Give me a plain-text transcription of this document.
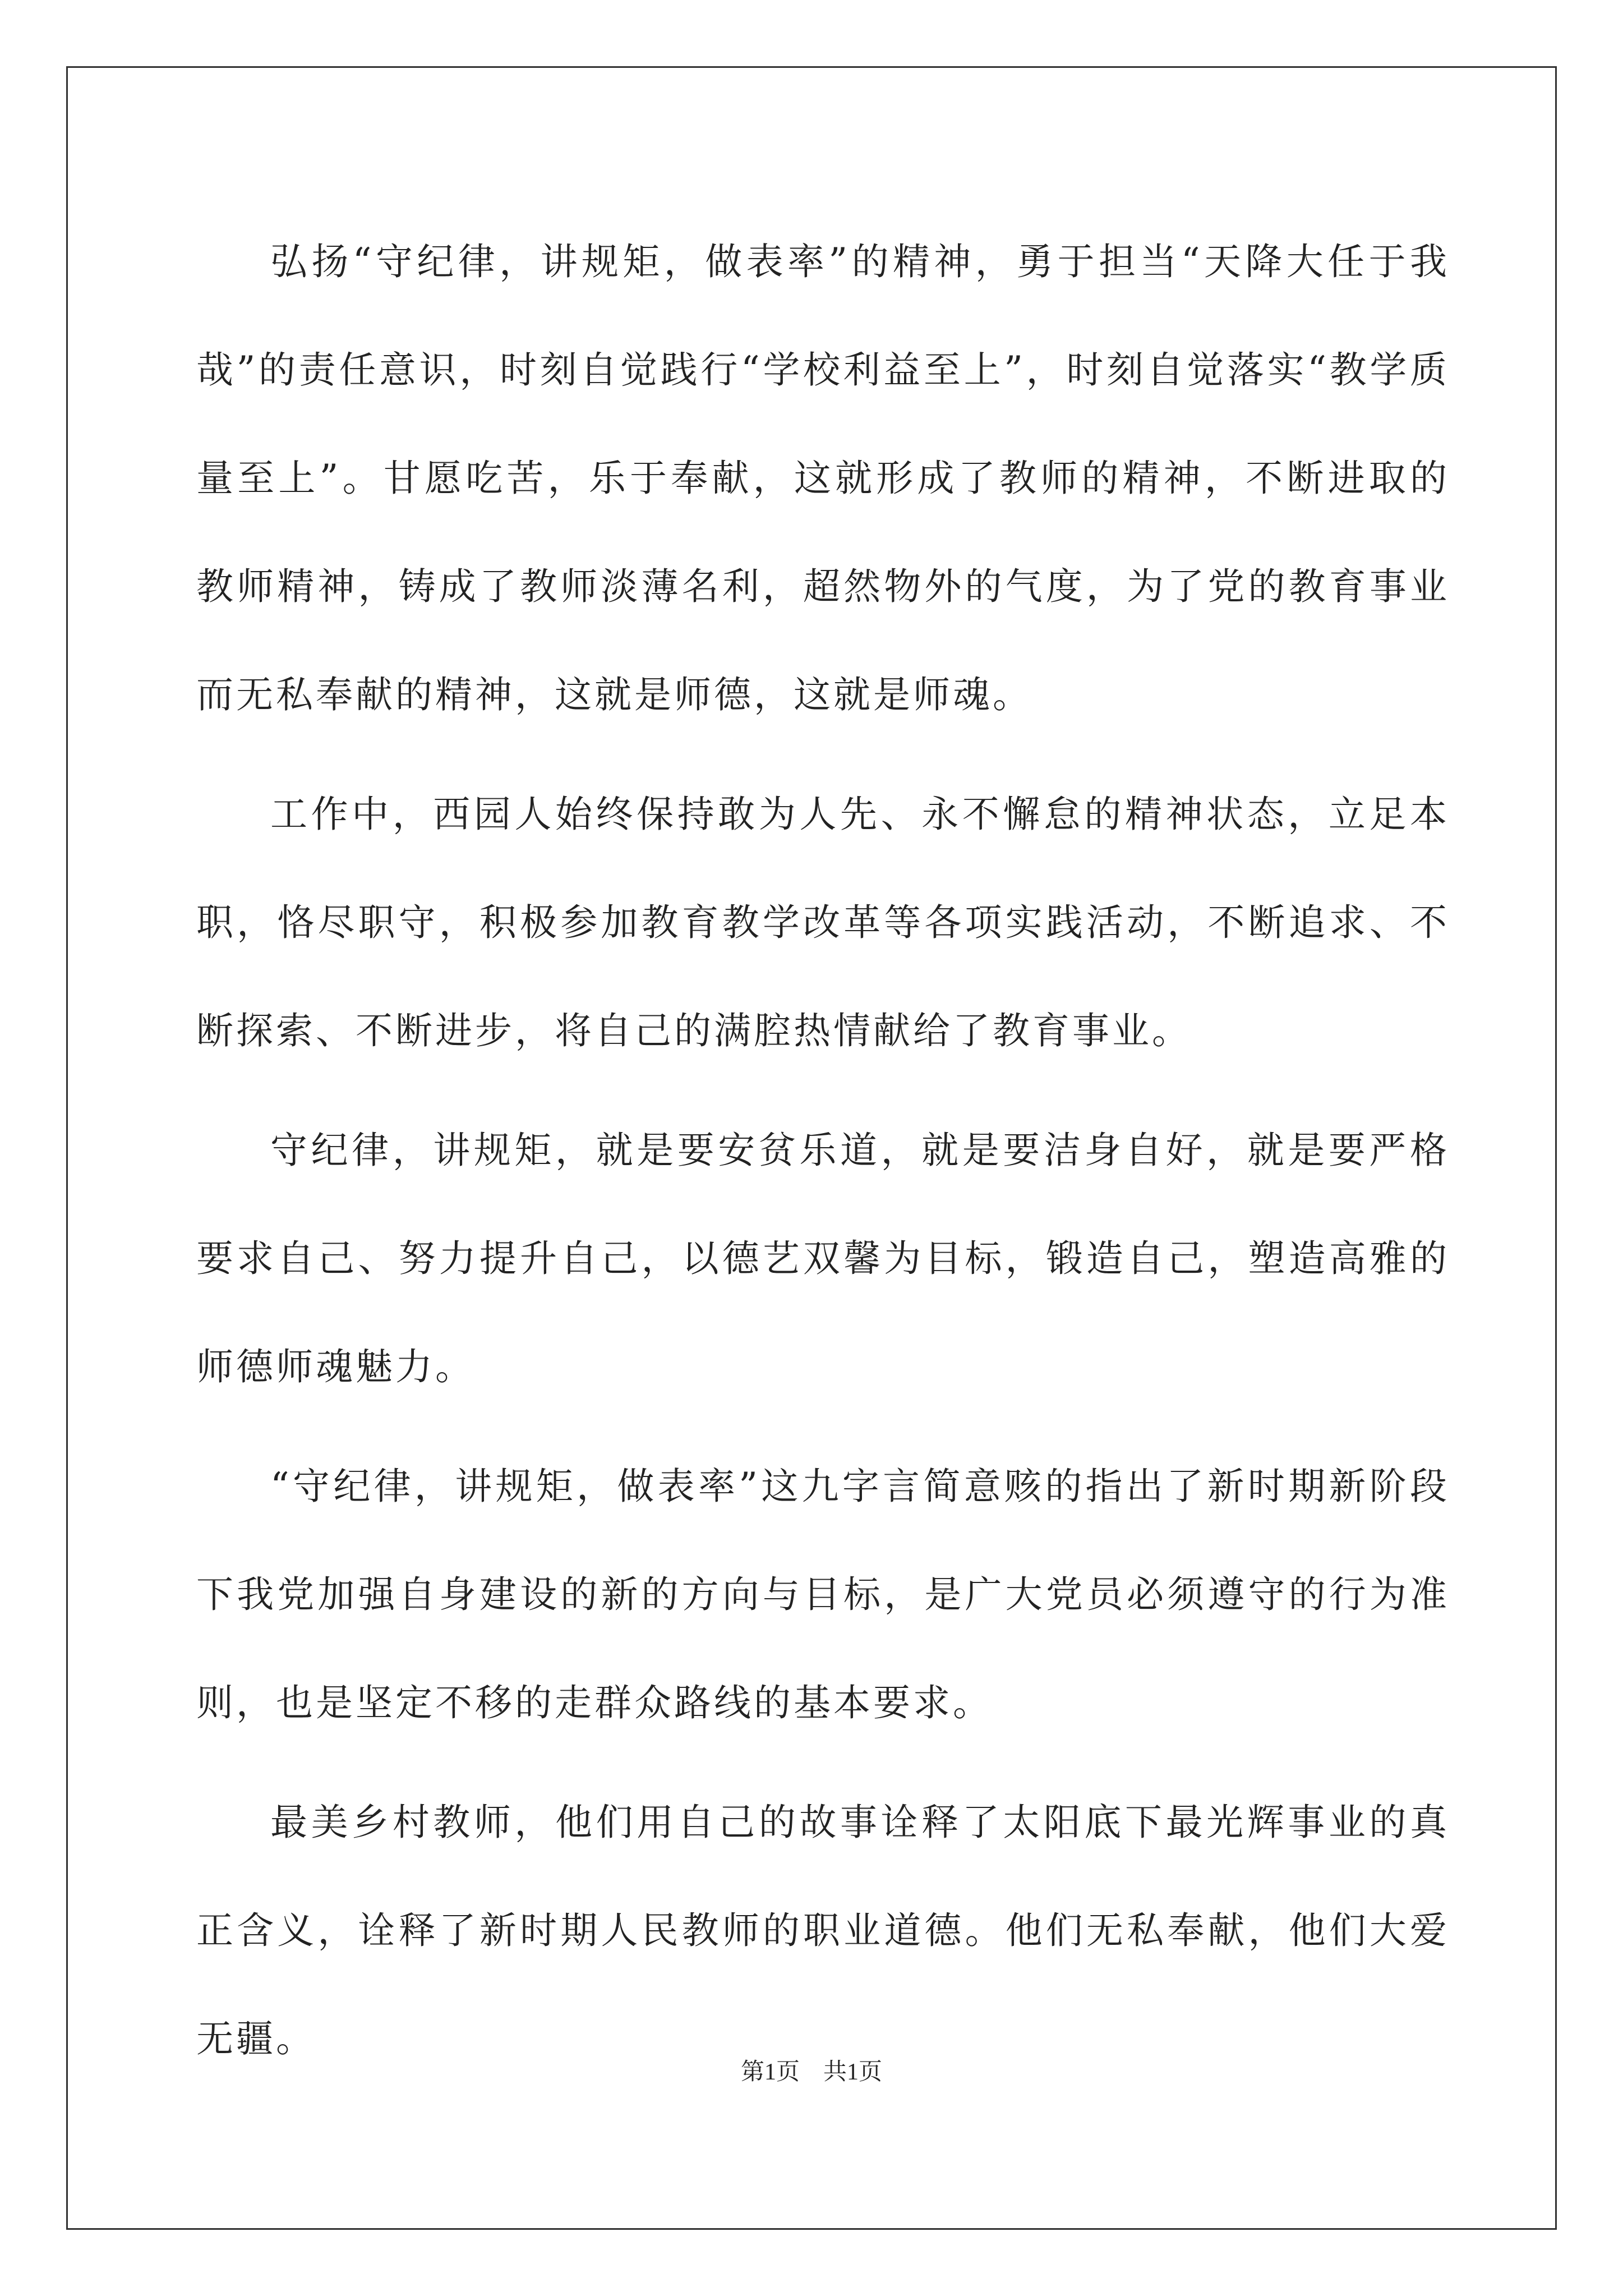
弘扬“守纪律，讲规矩，做表率”的精神，勇于担当“天降大任于我哉”的责任意识，时刻自觉践行“学校利益至上”，时刻自觉落实“教学质量至上”。甘愿吃苦，乐于奉献，这就形成了教师的精神，不断进取的教师精神，铸成了教师淡薄名利，超然物外的气度，为了党的教育事业而无私奉献的精神，这就是师德，这就是师魂。

工作中，西园人始终保持敢为人先、永不懈怠的精神状态，立足本职，恪尽职守，积极参加教育教学改革等各项实践活动，不断追求、不断探索、不断进步，将自己的满腔热情献给了教育事业。

守纪律，讲规矩，就是要安贫乐道，就是要洁身自好，就是要严格要求自己、努力提升自己，以德艺双馨为目标，锻造自己，塑造高雅的师德师魂魅力。

“守纪律，讲规矩，做表率”这九字言简意赅的指出了新时期新阶段下我党加强自身建设的新的方向与目标，是广大党员必须遵守的行为准则，也是坚定不移的走群众路线的基本要求。

最美乡村教师，他们用自己的故事诠释了太阳底下最光辉事业的真正含义，诠释了新时期人民教师的职业道德。他们无私奉献，他们大爱无疆。

第1页　共1页
